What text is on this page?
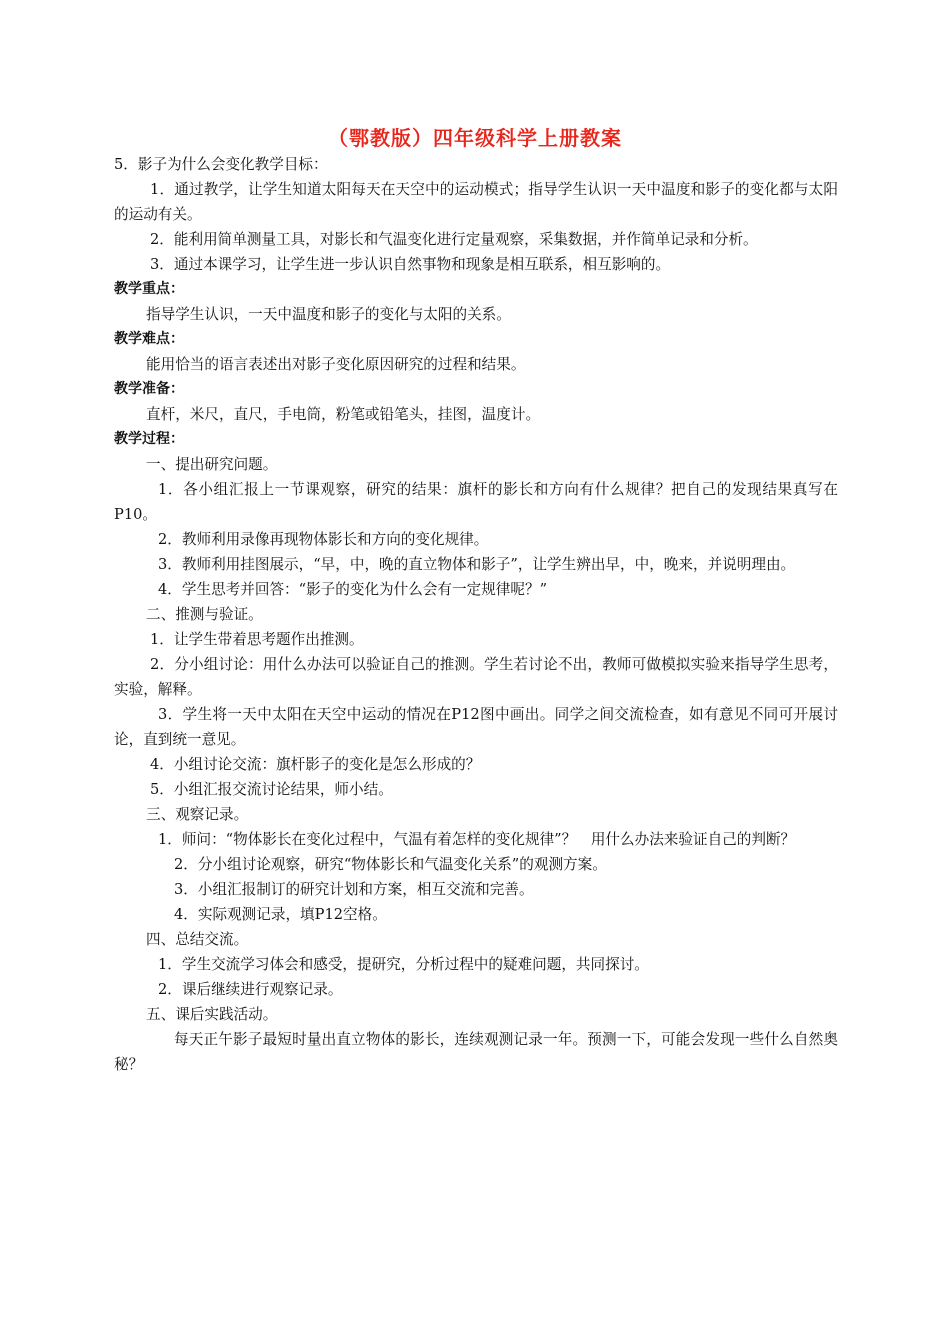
（鄂教版）四年级科学上册教案

5．影子为什么会变化教学目标：

1．通过教学，让学生知道太阳每天在天空中的运动模式；指导学生认识一天中温度和影子的变化都与太阳的运动有关。

2．能利用简单测量工具，对影长和气温变化进行定量观察，采集数据，并作简单记录和分析。

3．通过本课学习，让学生进一步认识自然事物和现象是相互联系，相互影响的。

教学重点：

指导学生认识，一天中温度和影子的变化与太阳的关系。

教学难点：

能用恰当的语言表述出对影子变化原因研究的过程和结果。

教学准备：

直杆，米尺，直尺，手电筒，粉笔或铅笔头，挂图，温度计。

教学过程：

一、提出研究问题。

1．各小组汇报上一节课观察，研究的结果：旗杆的影长和方向有什么规律？把自己的发现结果真写在P10。

2．教师利用录像再现物体影长和方向的变化规律。

3．教师利用挂图展示，“早，中，晚的直立物体和影子”，让学生辨出早，中，晚来，并说明理由。

4．学生思考并回答：“影子的变化为什么会有一定规律呢？”

二、推测与验证。

1．让学生带着思考题作出推测。

2．分小组讨论：用什么办法可以验证自己的推测。学生若讨论不出，教师可做模拟实验来指导学生思考，实验，解释。

3．学生将一天中太阳在天空中运动的情况在P12图中画出。同学之间交流检查，如有意见不同可开展讨论，直到统一意见。

4．小组讨论交流：旗杆影子的变化是怎么形成的？

5．小组汇报交流讨论结果，师小结。

三、观察记录。

1．师问：“物体影长在变化过程中，气温有着怎样的变化规律”？　用什么办法来验证自己的判断？

2．分小组讨论观察，研究“物体影长和气温变化关系”的观测方案。

3．小组汇报制订的研究计划和方案，相互交流和完善。

4．实际观测记录，填P12空格。

四、总结交流。

1．学生交流学习体会和感受，提研究，分析过程中的疑难问题，共同探讨。

2．课后继续进行观察记录。

五、课后实践活动。

每天正午影子最短时量出直立物体的影长，连续观测记录一年。预测一下，可能会发现一些什么自然奥秘？
